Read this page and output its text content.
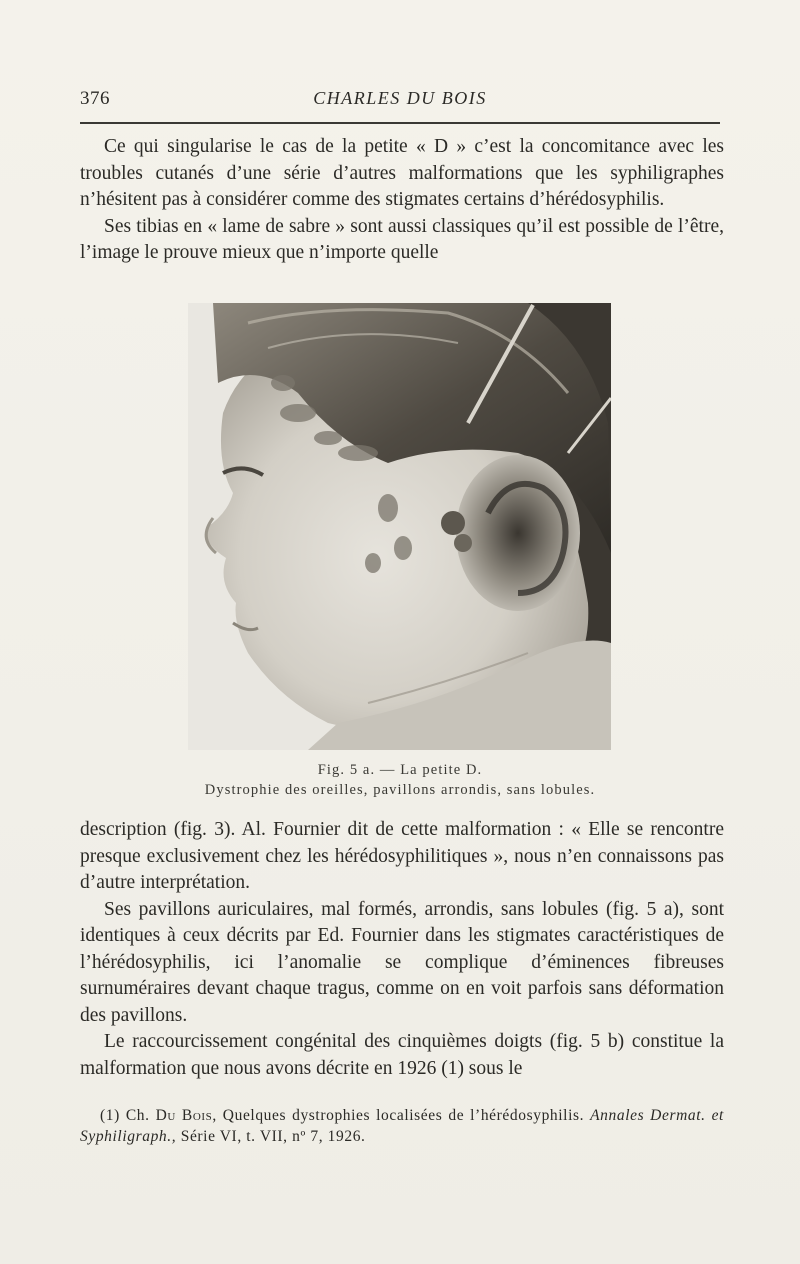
376	CHARLES DU BOIS

Ce qui singularise le cas de la petite « D » c’est la concomitance avec les troubles cutanés d’une série d’autres malformations que les syphiligraphes n’hésitent pas à considérer comme des stigmates certains d’hérédosyphilis.

Ses tibias en « lame de sabre » sont aussi classiques qu’il est possible de l’être, l’image le prouve mieux que n’importe quelle

Fig. 5 a. — La petite D.
Dystrophie des oreilles, pavillons arrondis, sans lobules.

description (fig. 3). Al. Fournier dit de cette malformation : « Elle se rencontre presque exclusivement chez les hérédosyphilitiques », nous n’en connaissons pas d’autre interprétation.

Ses pavillons auriculaires, mal formés, arrondis, sans lobules (fig. 5 a), sont identiques à ceux décrits par Ed. Fournier dans les stigmates caractéristiques de l’hérédosyphilis, ici l’anomalie se complique d’éminences fibreuses surnuméraires devant chaque tragus, comme on en voit parfois sans déformation des pavillons.

Le raccourcissement congénital des cinquièmes doigts (fig. 5 b) constitue la malformation que nous avons décrite en 1926 (1) sous le

(1) Ch. Du Bois, Quelques dystrophies localisées de l’hérédosyphilis. Annales Dermat. et Syphiligraph., Série VI, t. VII, nº 7, 1926.
